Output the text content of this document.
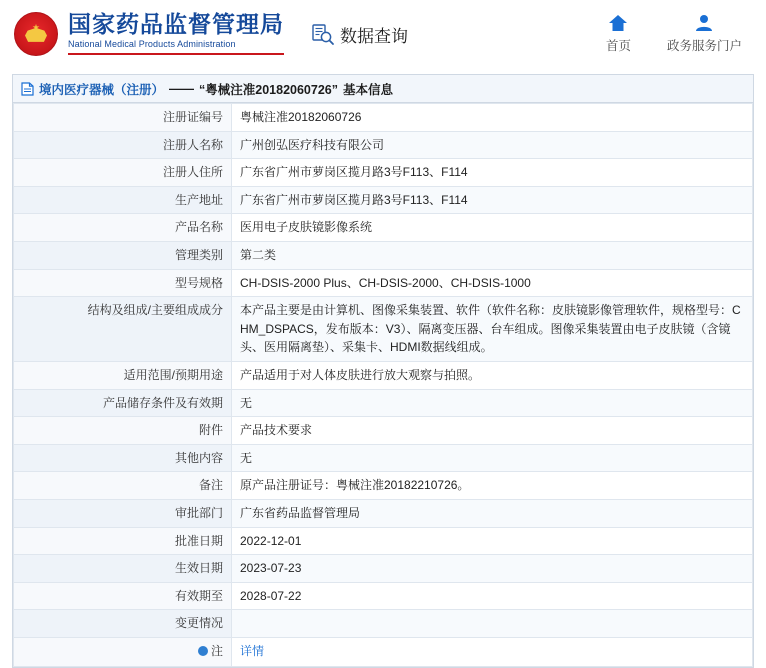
国家药品监督管理局
National Medical Products Administration	数据查询
首页	政务服务门户
境内医疗器械（注册） —— “粤械注准20182060726” 基本信息
注册证编号	粤械注准20182060726
注册人名称	广州创弘医疗科技有限公司
注册人住所	广东省广州市萝岗区揽月路3号F113、F114
生产地址	广东省广州市萝岗区揽月路3号F113、F114
产品名称	医用电子皮肤镜影像系统
管理类别	第二类
型号规格	CH-DSIS-2000 Plus、CH-DSIS-2000、CH-DSIS-1000
结构及组成/主要组成成分	本产品主要是由计算机、图像采集装置、软件（软件名称：皮肤镜影像管理软件，规格型号：CHM_DSPACS，发布版本：V3）、隔离变压器、台车组成。图像采集装置由电子皮肤镜（含镜头、医用隔离垫）、采集卡、HDMI数据线组成。
适用范围/预期用途	产品适用于对人体皮肤进行放大观察与拍照。
产品储存条件及有效期	无
附件	产品技术要求
其他内容	无
备注	原产品注册证号：粤械注准20182210726。
审批部门	广东省药品监督管理局
批准日期	2022-12-01
生效日期	2023-07-23
有效期至	2028-07-22
变更情况	

注	详情
